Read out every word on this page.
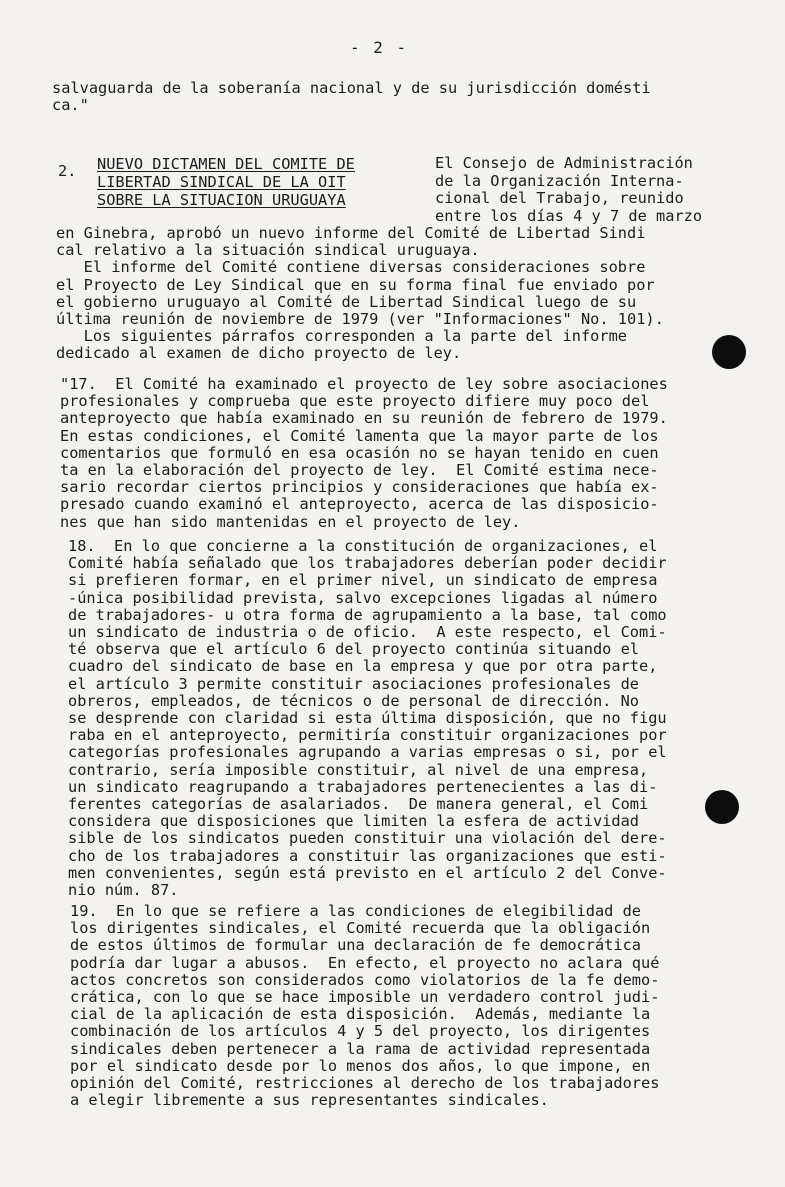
- 2 -
salvaguarda de la soberanía nacional y de su jurisdicción domésti
ca."
2. NUEVO DICTAMEN DEL COMITE DE
LIBERTAD SINDICAL DE LA OIT
SOBRE LA SITUACION URUGUAYA
El Consejo de Administración
de la Organización Interna-
cional del Trabajo, reunido
entre los días 4 y 7 de marzo
en Ginebra, aprobó un nuevo informe del Comité de Libertad Sindi
cal relativo a la situación sindical uruguaya.
El informe del Comité contiene diversas consideraciones sobre
el Proyecto de Ley Sindical que en su forma final fue enviado por
el gobierno uruguayo al Comité de Libertad Sindical luego de su
última reunión de noviembre de 1979 (ver "Informaciones" No. 101).
Los siguientes párrafos corresponden a la parte del informe
dedicado al examen de dicho proyecto de ley.
"17.  El Comité ha examinado el proyecto de ley sobre asociaciones
profesionales y comprueba que este proyecto difiere muy poco del
anteproyecto que había examinado en su reunión de febrero de 1979.
En estas condiciones, el Comité lamenta que la mayor parte de los
comentarios que formuló en esa ocasión no se hayan tenido en cuen
ta en la elaboración del proyecto de ley.  El Comité estima nece-
sario recordar ciertos principios y consideraciones que había ex-
presado cuando examinó el anteproyecto, acerca de las disposicio-
nes que han sido mantenidas en el proyecto de ley.
18.  En lo que concierne a la constitución de organizaciones, el
Comité había señalado que los trabajadores deberían poder decidir
si prefieren formar, en el primer nivel, un sindicato de empresa
-única posibilidad prevista, salvo excepciones ligadas al número
de trabajadores- u otra forma de agrupamiento a la base, tal como
un sindicato de industria o de oficio.  A este respecto, el Comi-
té observa que el artículo 6 del proyecto continúa situando el
cuadro del sindicato de base en la empresa y que por otra parte,
el artículo 3 permite constituir asociaciones profesionales de
obreros, empleados, de técnicos o de personal de dirección. No
se desprende con claridad si esta última disposición, que no figu
raba en el anteproyecto, permitiría constituir organizaciones por
categorías profesionales agrupando a varias empresas o si, por el
contrario, sería imposible constituir, al nivel de una empresa,
un sindicato reagrupando a trabajadores pertenecientes a las di-
ferentes categorías de asalariados.  De manera general, el Comi
considera que disposiciones que limiten la esfera de actividad
sible de los sindicatos pueden constituir una violación del dere-
cho de los trabajadores a constituir las organizaciones que esti-
men convenientes, según está previsto en el artículo 2 del Conve-
nio núm. 87.
19.  En lo que se refiere a las condiciones de elegibilidad de
los dirigentes sindicales, el Comité recuerda que la obligación
de estos últimos de formular una declaración de fe democrática
podría dar lugar a abusos.  En efecto, el proyecto no aclara qué
actos concretos son considerados como violatorios de la fe demo-
crática, con lo que se hace imposible un verdadero control judi-
cial de la aplicación de esta disposición.  Además, mediante la
combinación de los artículos 4 y 5 del proyecto, los dirigentes
sindicales deben pertenecer a la rama de actividad representada
por el sindicato desde por lo menos dos años, lo que impone, en
opinión del Comité, restricciones al derecho de los trabajadores
a elegir libremente a sus representantes sindicales.
